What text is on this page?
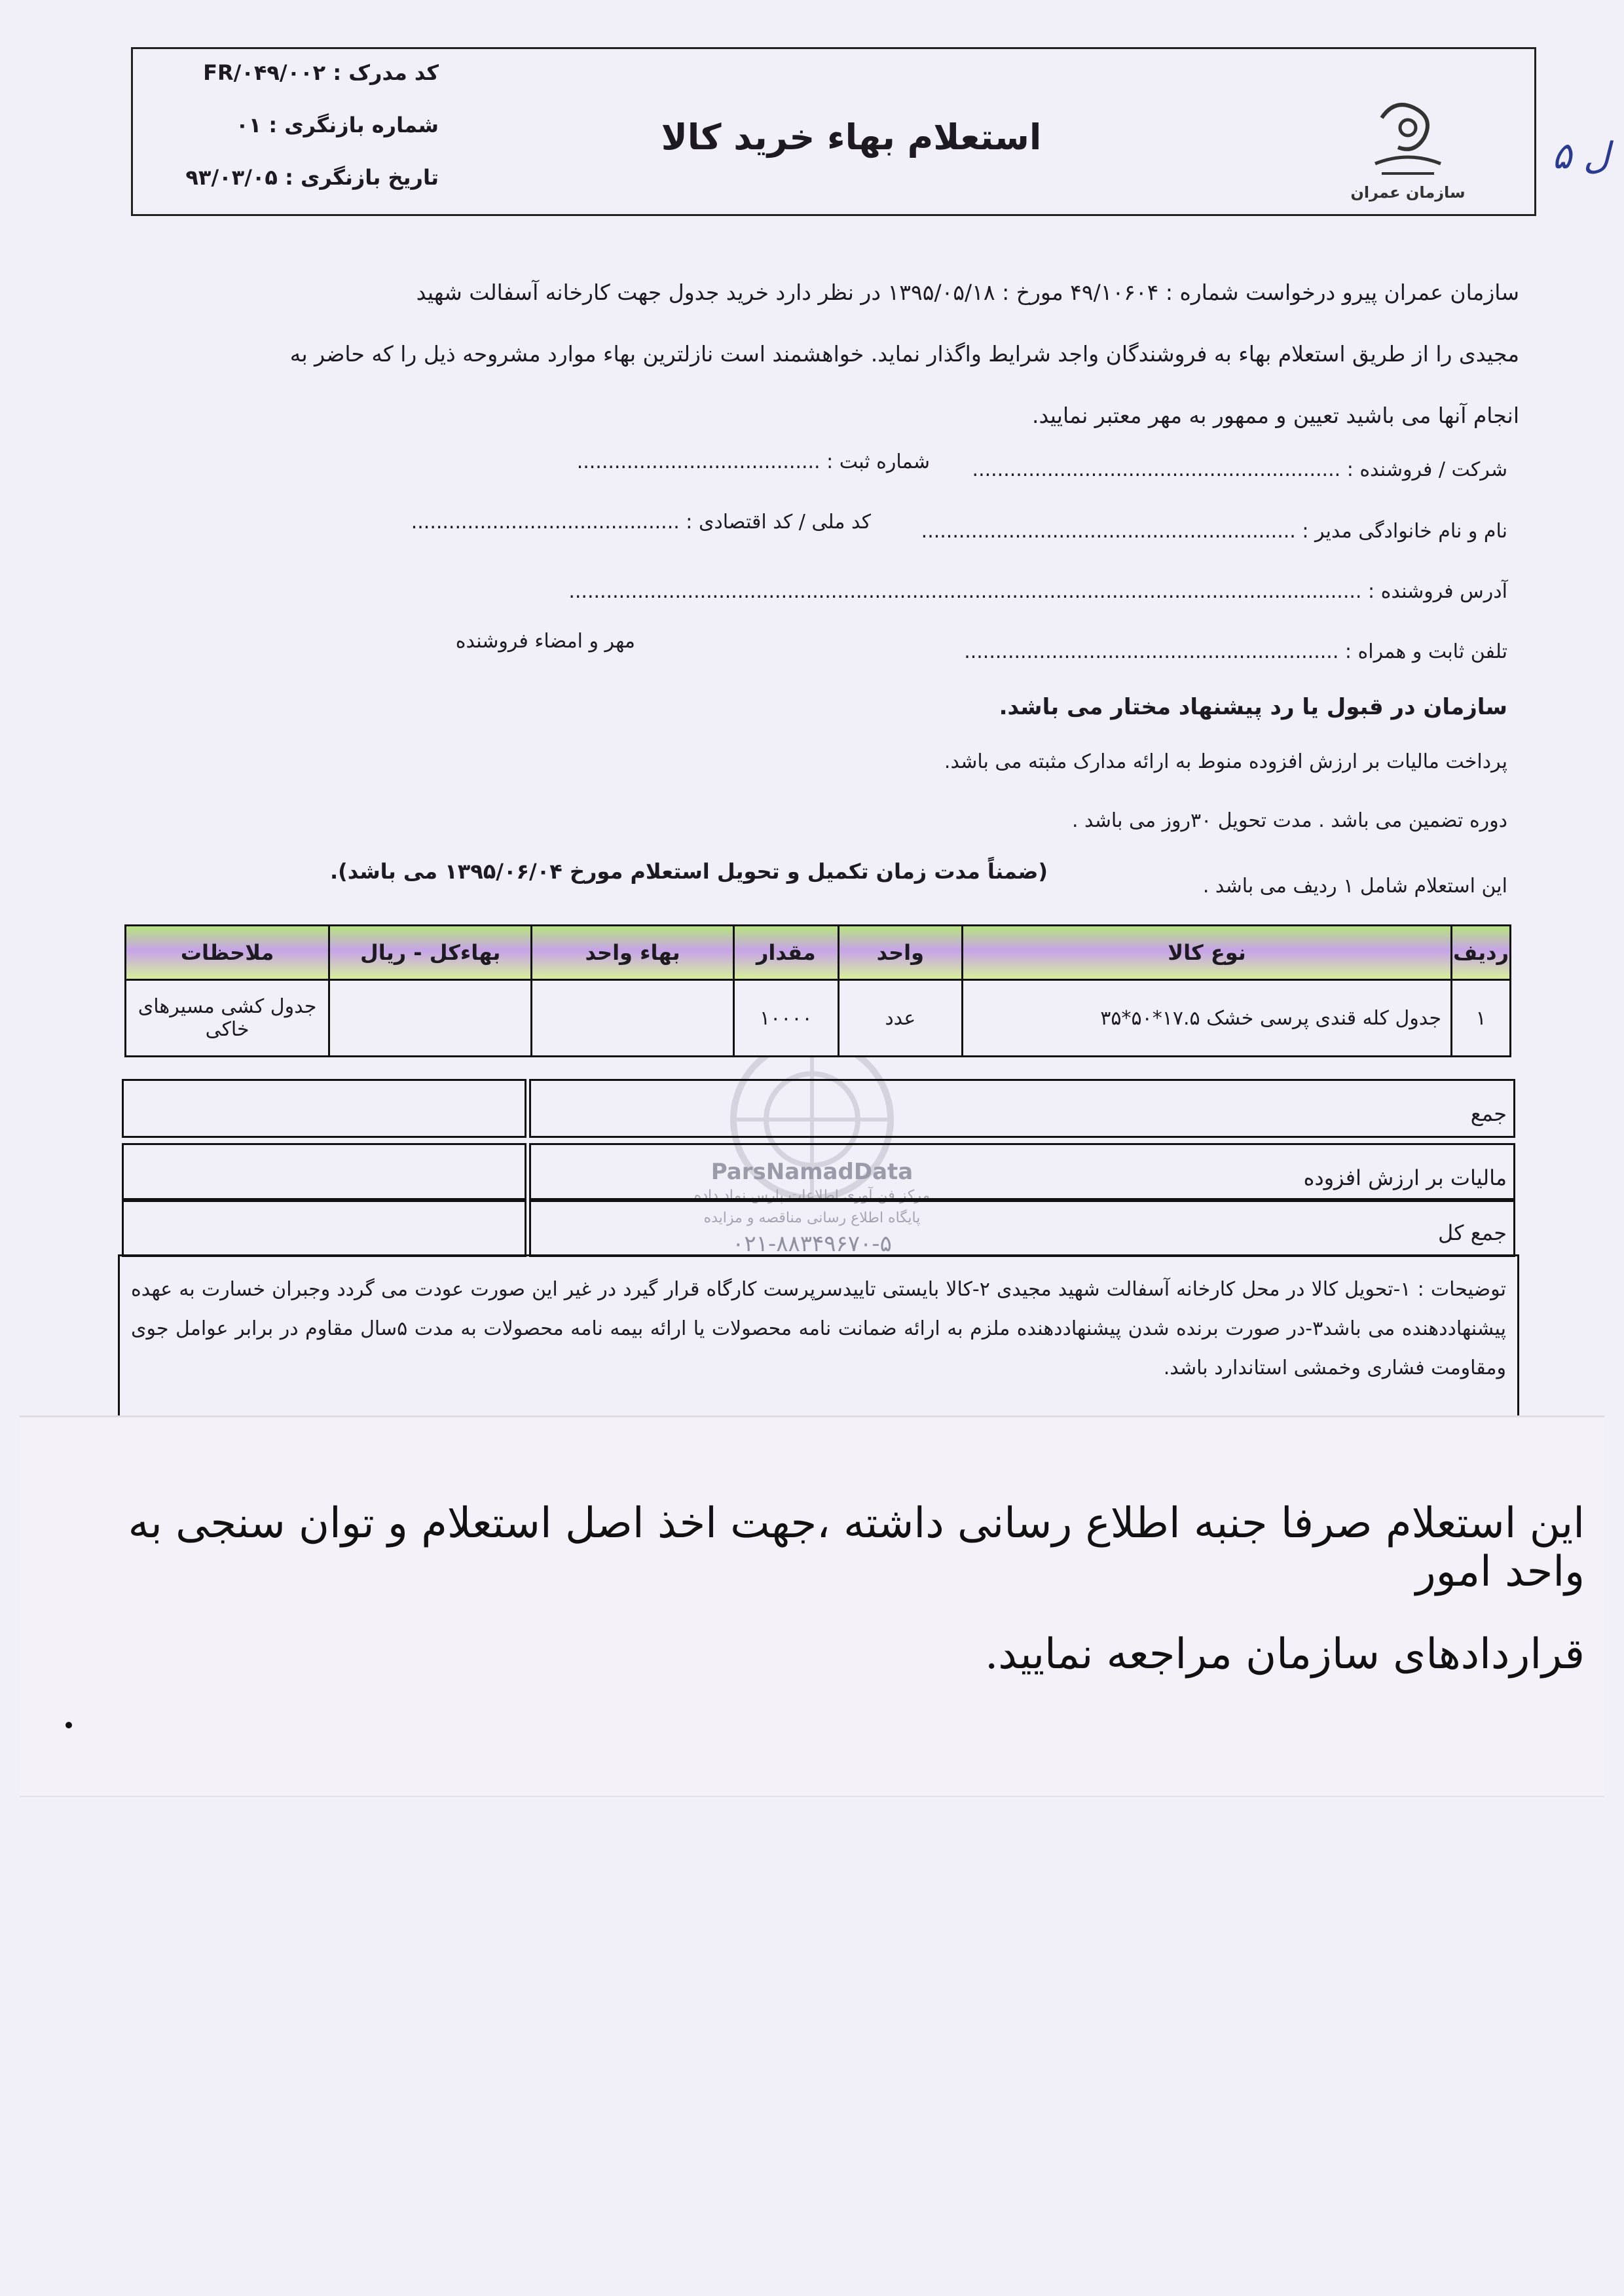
کد مدرک : FR/۰۴۹/۰۰۲
شماره بازنگری : ۰۱
تاریخ بازنگری : ۹۳/۰۳/۰۵
استعلام بهاء خرید کالا
سازمان عمران
ل ۵
سازمان عمران پیرو درخواست شماره : ۴۹/۱۰۶۰۴ مورخ : ۱۳۹۵/۰۵/۱۸ در نظر دارد خرید جدول جهت کارخانه آسفالت شهید
مجیدی را از طریق استعلام بهاء به فروشندگان واجد شرایط واگذار نماید. خواهشمند است نازلترین بهاء موارد مشروحه ذیل را که حاضر به
انجام آنها می باشید تعیین و ممهور به مهر معتبر نمایید.
شرکت / فروشنده : ...........................................................
شماره ثبت : .......................................
نام و نام خانوادگی مدیر : ............................................................
کد ملی / کد اقتصادی : ...........................................
آدرس فروشنده : ...............................................................................................................................
تلفن ثابت و همراه : ............................................................
مهر و امضاء فروشنده
سازمان در قبول یا رد پیشنهاد مختار می باشد.
پرداخت مالیات بر ارزش افزوده منوط به ارائه مدارک مثبته می باشد.
دوره تضمین می باشد . مدت تحویل ۳۰روز می باشد .
این استعلام شامل ۱ ردیف می باشد .
(ضمناً مدت زمان تکمیل و تحویل استعلام مورخ ۱۳۹۵/۰۶/۰۴ می باشد).
ParsNamadData
مرکز فن آوری اطلاعات پارس نماد داده
پایگاه اطلاع رسانی مناقصه و مزایده
۰۲۱-۸۸۳۴۹۶۷۰-۵
ردیف	نوع کالا	واحد	مقدار	بهاء واحد	بهاءکل - ریال	ملاحظات
۱	جدول کله قندی پرسی خشک ۱۷.۵*۵۰*۳۵	عدد	۱۰۰۰۰			جدول کشی مسیرهای خاکی
جمع
مالیات بر ارزش افزوده
جمع کل
توضیحات : ۱-تحویل کالا در محل کارخانه آسفالت شهید مجیدی ۲-کالا بایستی تاییدسرپرست کارگاه قرار گیرد در غیر این صورت عودت می گردد وجبران خسارت به عهده پیشنهاددهنده می باشد۳-در صورت برنده شدن پیشنهاددهنده ملزم به ارائه ضمانت نامه محصولات یا ارائه بیمه نامه محصولات به مدت ۵سال مقاوم در برابر عوامل جوی ومقاومت فشاری وخمشی استاندارد باشد.
این استعلام صرفا جنبه اطلاع رسانی داشته ،جهت اخذ اصل استعلام و توان سنجی به واحد امور
قراردادهای سازمان مراجعه نمایید.
